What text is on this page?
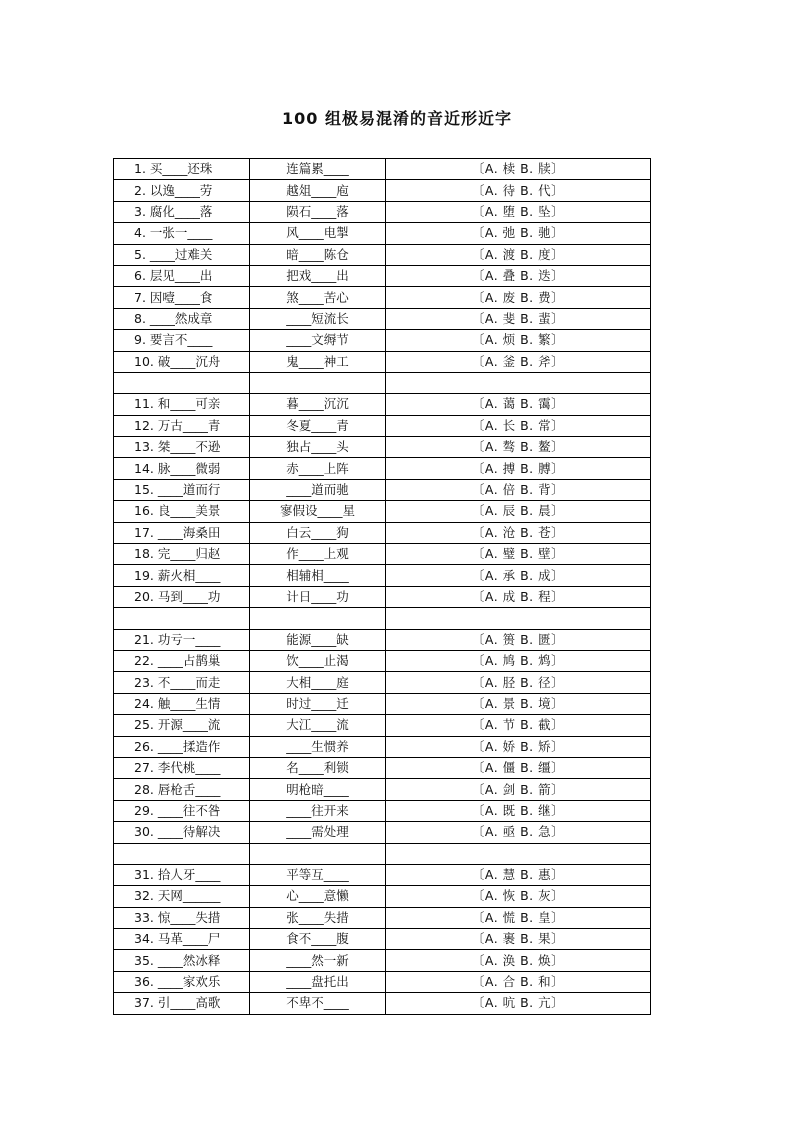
100 组极易混淆的音近形近字
1. 买____还珠	连篇累____	〔A. 椟 B. 牍〕
2. 以逸____劳	越俎____庖	〔A. 待 B. 代〕
3. 腐化____落	陨石____落	〔A. 堕 B. 坠〕
4. 一张一____	风____电掣	〔A. 弛 B. 驰〕
5. ____过难关	暗____陈仓	〔A. 渡 B. 度〕
6. 层见____出	把戏____出	〔A. 叠 B. 迭〕
7. 因噎____食	煞____苦心	〔A. 废 B. 费〕
8. ____然成章	____短流长	〔A. 斐 B. 蜚〕
9. 要言不____	____文缛节	〔A. 烦 B. 繁〕
10. 破____沉舟	鬼____神工	〔A. 釜 B. 斧〕

11. 和____可亲	暮____沉沉	〔A. 蔼 B. 霭〕
12. 万古____青	冬夏____青	〔A. 长 B. 常〕
13. 桀____不逊	独占____头	〔A. 骜 B. 鳌〕
14. 脉____微弱	赤____上阵	〔A. 搏 B. 膊〕
15. ____道而行	____道而驰	〔A. 倍 B. 背〕
16. 良____美景	寥假设____星	〔A. 辰 B. 晨〕
17. ____海桑田	白云____狗	〔A. 沧 B. 苍〕
18. 完____归赵	作____上观	〔A. 璧 B. 壁〕
19. 薪火相____	相辅相____	〔A. 承 B. 成〕
20. 马到____功	计日____功	〔A. 成 B. 程〕

21. 功亏一____	能源____缺	〔A. 篑 B. 匮〕
22. ____占鹊巢	饮____止渴	〔A. 鸠 B. 鸩〕
23. 不____而走	大相____庭	〔A. 胫 B. 径〕
24. 触____生情	时过____迁	〔A. 景 B. 境〕
25. 开源____流	大江____流	〔A. 节 B. 截〕
26. ____揉造作	____生惯养	〔A. 娇 B. 矫〕
27. 李代桃____	名____利锁	〔A. 僵 B. 缰〕
28. 唇枪舌____	明枪暗____	〔A. 剑 B. 箭〕
29. ____往不咎	____往开来	〔A. 既 B. 继〕
30. ____待解决	____需处理	〔A. 亟 B. 急〕

31. 拾人牙____	平等互____	〔A. 慧 B. 惠〕
32. 天网______	心____意懒	〔A. 恢 B. 灰〕
33. 惊____失措	张____失措	〔A. 慌 B. 皇〕
34. 马革____尸	食不____腹	〔A. 裹 B. 果〕
35. ____然冰释	____然一新	〔A. 涣 B. 焕〕
36. ____家欢乐	____盘托出	〔A. 合 B. 和〕
37. 引____高歌	不卑不____	〔A. 吭 B. 亢〕
